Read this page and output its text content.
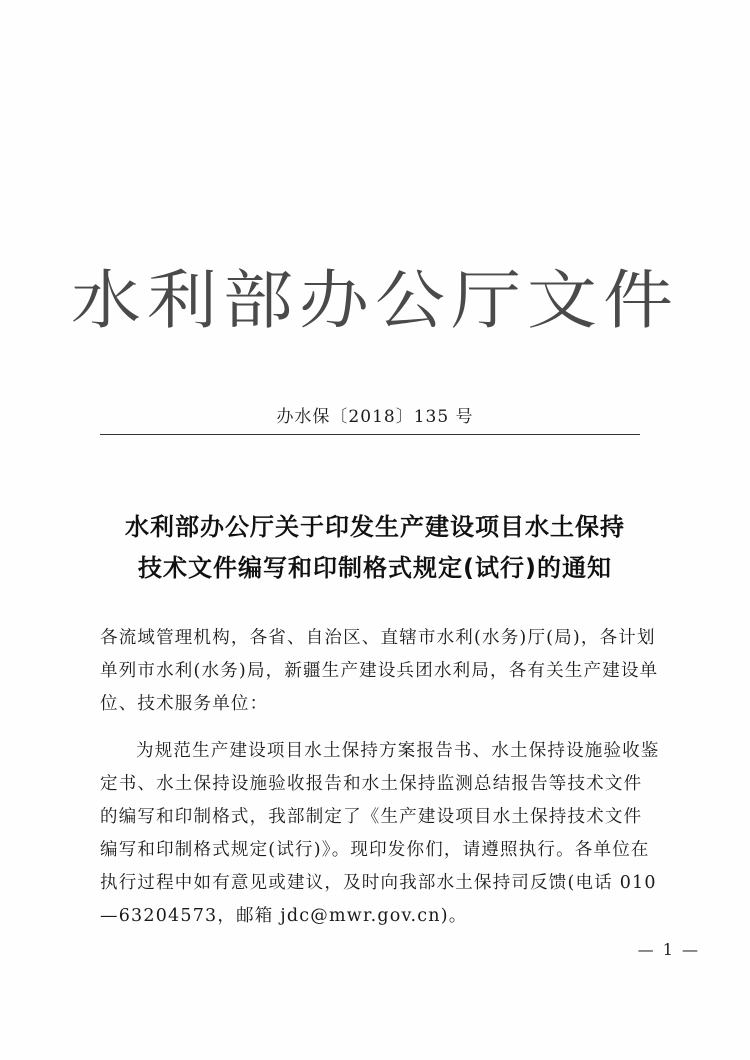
水利部办公厅文件
办水保〔2018〕135 号
水利部办公厅关于印发生产建设项目水土保持
技术文件编写和印制格式规定(试行)的通知

各流域管理机构，各省、自治区、直辖市水利(水务)厅(局)，各计划单列市水利(水务)局，新疆生产建设兵团水利局，各有关生产建设单位、技术服务单位：

为规范生产建设项目水土保持方案报告书、水土保持设施验收鉴定书、水土保持设施验收报告和水土保持监测总结报告等技术文件的编写和印制格式，我部制定了《生产建设项目水土保持技术文件编写和印制格式规定(试行)》。现印发你们，请遵照执行。各单位在执行过程中如有意见或建议，及时向我部水土保持司反馈(电话 010—63204573，邮箱 jdc@mwr.gov.cn)。

— 1 —
